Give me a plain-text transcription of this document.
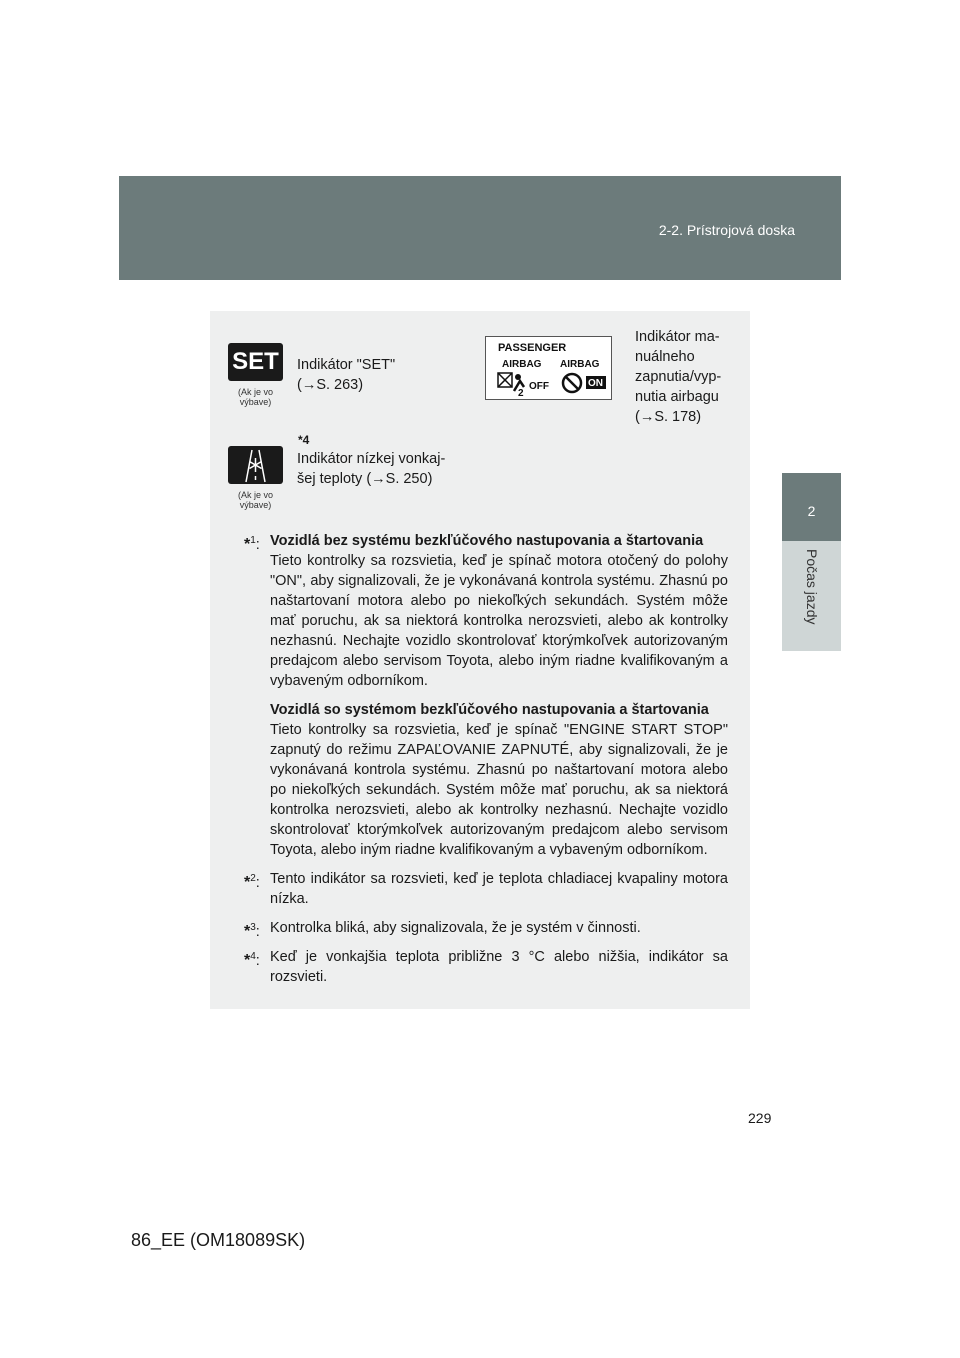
2-2. Prístrojová doska
2
Počas jazdy
SET
(Ak je vo výbave)
Indikátor "SET"
(→S. 263)
PASSENGER
AIRBAG AIRBAG
2
OFF	ON
Indikátor ma-
nuálneho
zapnutia/vyp-
nutia airbagu
(→S. 178)
*4
(Ak je vo výbave)
Indikátor nízkej vonkaj-
šej teploty (→S. 250)
*$^1$: Vozidlá bez systému bezkľúčového nastupovania a štartovania
Tieto kontrolky sa rozsvietia, keď je spínač motora otočený do polohy "ON", aby signalizovali, že je vykonávaná kontrola systému. Zhasnú po naštartovaní motora alebo po niekoľkých sekundách. Systém môže mať poruchu, ak sa niektorá kontrolka nerozsvieti, alebo ak kontrolky nezhasnú. Nechajte vozidlo skontrolovať ktorýmkoľvek autorizovaným predajcom alebo servisom Toyota, alebo iným riadne kvalifikovaným a vybaveným odborníkom.
Vozidlá so systémom bezkľúčového nastupovania a štartovania
Tieto kontrolky sa rozsvietia, keď je spínač "ENGINE START STOP" zapnutý do režimu ZAPAĽOVANIE ZAPNUTÉ, aby signalizovali, že je vykonávaná kontrola systému. Zhasnú po naštartovaní motora alebo po niekoľkých sekundách. Systém môže mať poruchu, ak sa niektorá kontrolka nerozsvieti, alebo ak kontrolky nezhasnú. Nechajte vozidlo skontrolovať ktorýmkoľvek autorizovaným predajcom alebo servisom Toyota, alebo iným riadne kvalifikovaným a vybaveným odborníkom.
*$^2$: Tento indikátor sa rozsvieti, keď je teplota chladiacej kvapaliny motora nízka.
*$^3$: Kontrolka bliká, aby signalizovala, že je systém v činnosti.
*$^4$: Keď je vonkajšia teplota približne 3 °C alebo nižšia, indikátor sa rozsvieti.
229
86_EE (OM18089SK)
